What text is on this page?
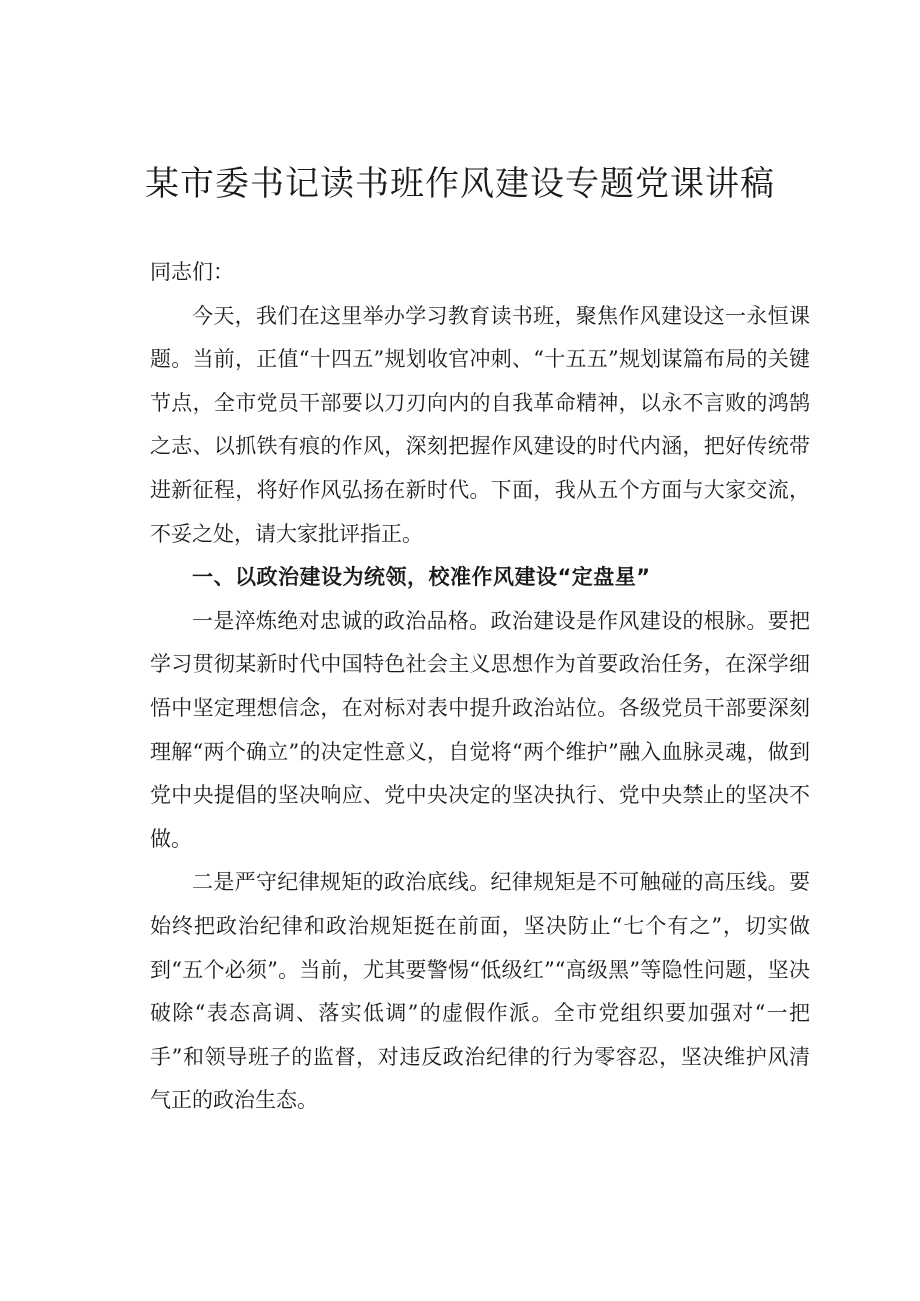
某市委书记读书班作风建设专题党课讲稿

同志们：

今天，我们在这里举办学习教育读书班，聚焦作风建设这一永恒课题。当前，正值“十四五”规划收官冲刺、“十五五”规划谋篇布局的关键节点，全市党员干部要以刀刃向内的自我革命精神，以永不言败的鸿鹄之志、以抓铁有痕的作风，深刻把握作风建设的时代内涵，把好传统带进新征程，将好作风弘扬在新时代。下面，我从五个方面与大家交流，不妥之处，请大家批评指正。

一、以政治建设为统领，校准作风建设“定盘星”

一是淬炼绝对忠诚的政治品格。政治建设是作风建设的根脉。要把学习贯彻某新时代中国特色社会主义思想作为首要政治任务，在深学细悟中坚定理想信念，在对标对表中提升政治站位。各级党员干部要深刻理解“两个确立”的决定性意义，自觉将“两个维护”融入血脉灵魂，做到党中央提倡的坚决响应、党中央决定的坚决执行、党中央禁止的坚决不做。

二是严守纪律规矩的政治底线。纪律规矩是不可触碰的高压线。要始终把政治纪律和政治规矩挺在前面，坚决防止“七个有之”，切实做到“五个必须”。当前，尤其要警惕“低级红”“高级黑”等隐性问题，坚决破除“表态高调、落实低调”的虚假作派。全市党组织要加强对“一把手”和领导班子的监督，对违反政治纪律的行为零容忍，坚决维护风清气正的政治生态。
